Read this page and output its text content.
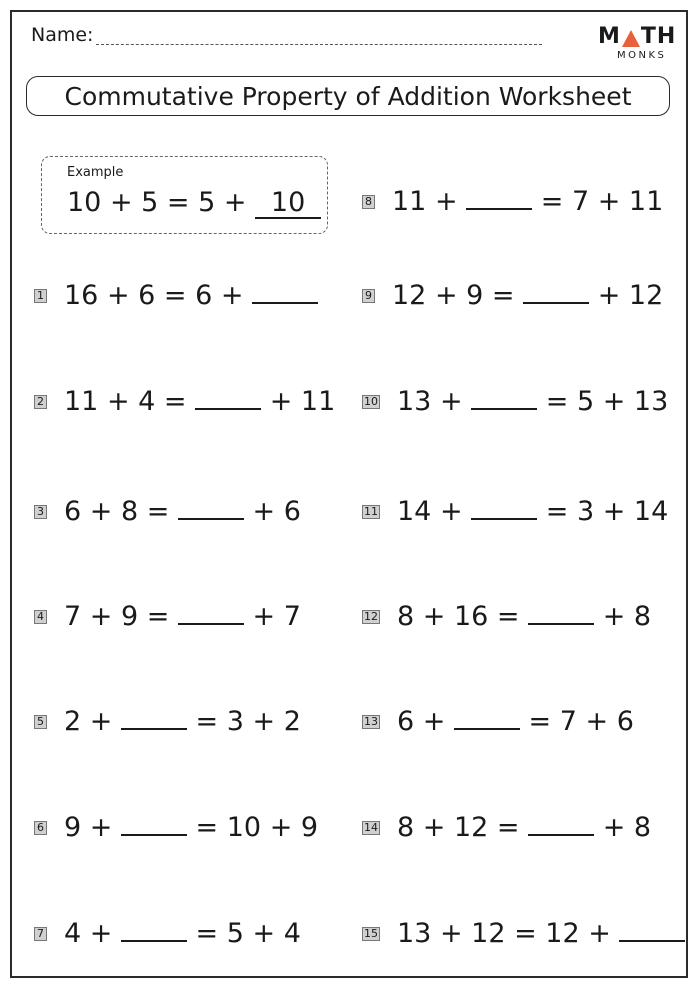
Name:	M TH
MONKS
Commutative Property of Addition Worksheet
Example
10 + 5 = 5 + 10
1 16 + 6 = 6 +
2 11 + 4 =  + 11
3 6 + 8 =  + 6
4 7 + 9 =  + 7
5 2 +  = 3 + 2
6 9 +  = 10 + 9
7 4 +  = 5 + 4
8 11 +  = 7 + 11
9 12 + 9 =  + 12
10 13 +  = 5 + 13
11 14 +  = 3 + 14
12 8 + 16 =  + 8
13 6 +  = 7 + 6
14 8 + 12 =  + 8
15 13 + 12 = 12 +
